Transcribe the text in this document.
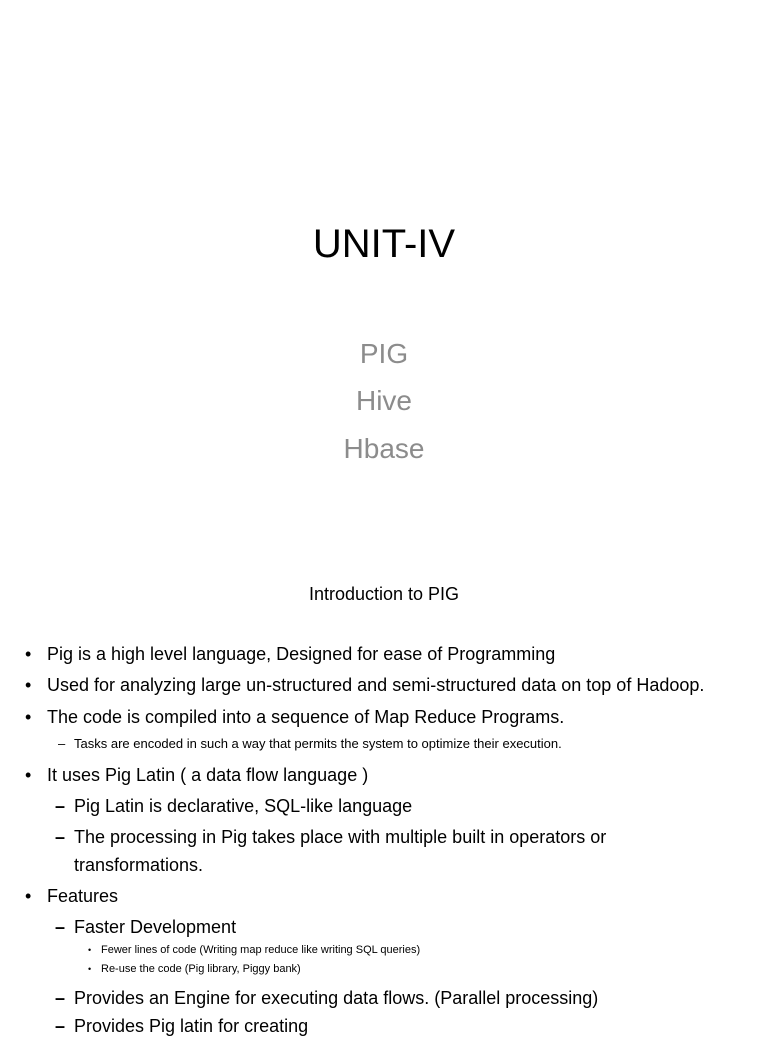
UNIT-IV
PIG
Hive
Hbase
Introduction to PIG
• Pig is a high level language, Designed for ease of Programming
• Used for analyzing large un-structured and semi-structured data on top of Hadoop.
• The code is compiled into a sequence of Map Reduce Programs.
– Tasks are encoded in such a way that permits the system to optimize their execution.
• It uses Pig Latin ( a data flow language )
– Pig Latin is declarative, SQL-like language
– The processing in Pig takes place with multiple built in operators or
transformations.
• Features
– Faster Development
• Fewer lines of code (Writing map reduce like writing SQL queries)
• Re-use the code (Pig library, Piggy bank)
– Provides an Engine for executing data flows. (Parallel processing)
– Provides Pig latin for creating
